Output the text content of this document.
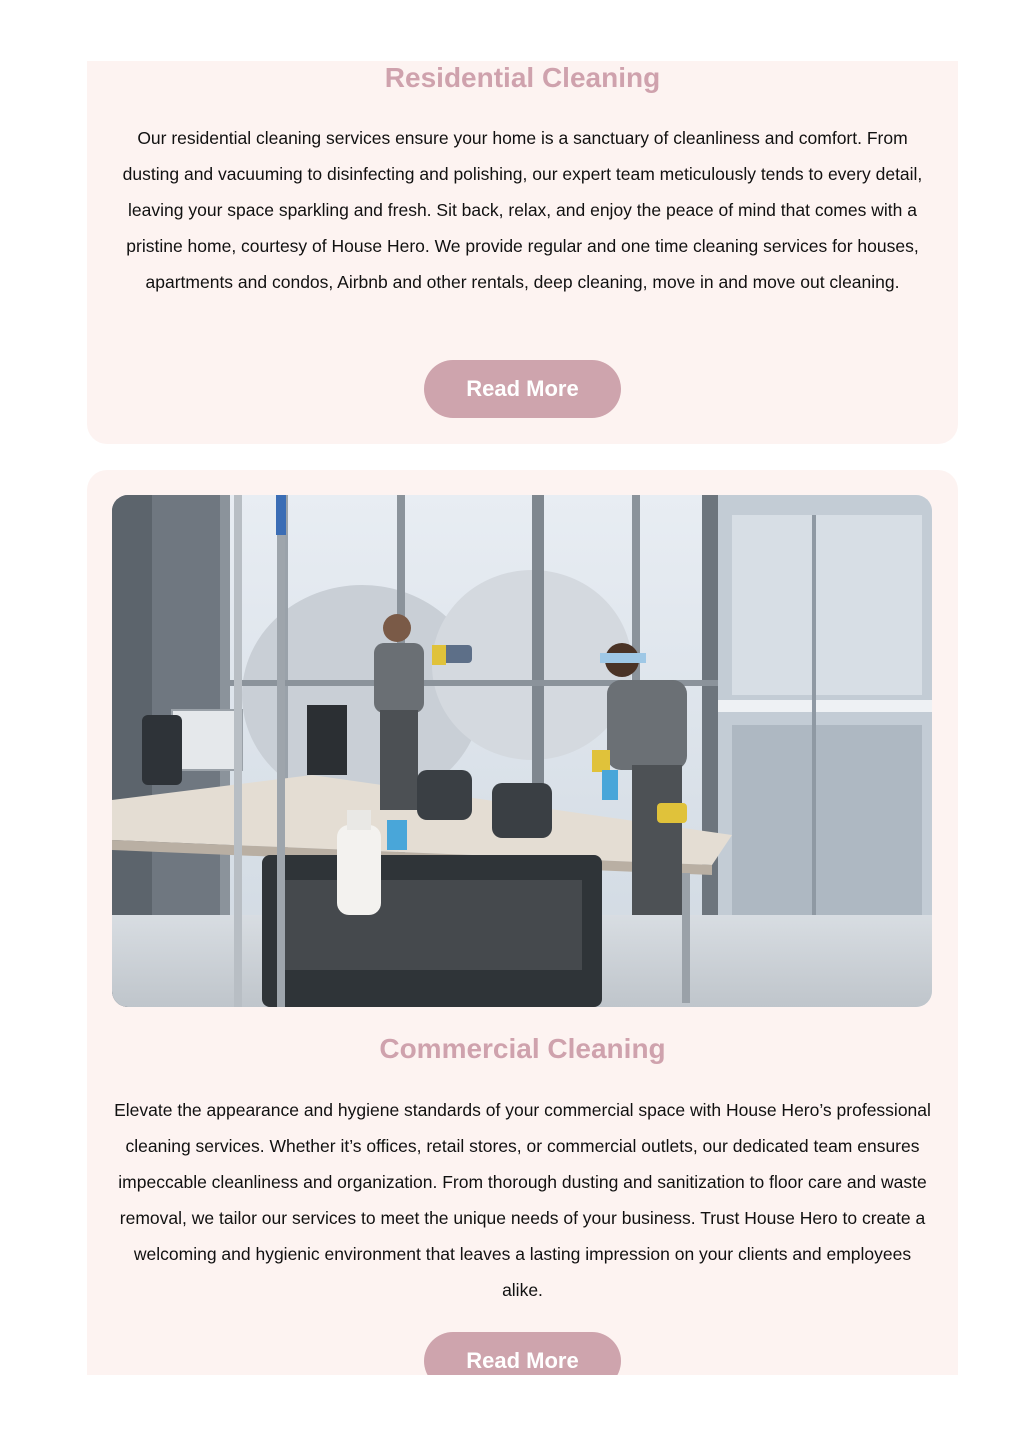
Residential Cleaning

Our residential cleaning services ensure your home is a sanctuary of cleanliness and comfort. From dusting and vacuuming to disinfecting and polishing, our expert team meticulously tends to every detail, leaving your space sparkling and fresh. Sit back, relax, and enjoy the peace of mind that comes with a pristine home, courtesy of House Hero. We provide regular and one time cleaning services for houses, apartments and condos, Airbnb and other rentals, deep cleaning, move in and move out cleaning.

Read More
Commercial Cleaning

Elevate the appearance and hygiene standards of your commercial space with House Hero’s professional cleaning services. Whether it’s offices, retail stores, or commercial outlets, our dedicated team ensures impeccable cleanliness and organization. From thorough dusting and sanitization to floor care and waste removal, we tailor our services to meet the unique needs of your business. Trust House Hero to create a welcoming and hygienic environment that leaves a lasting impression on your clients and employees alike.

Read More
